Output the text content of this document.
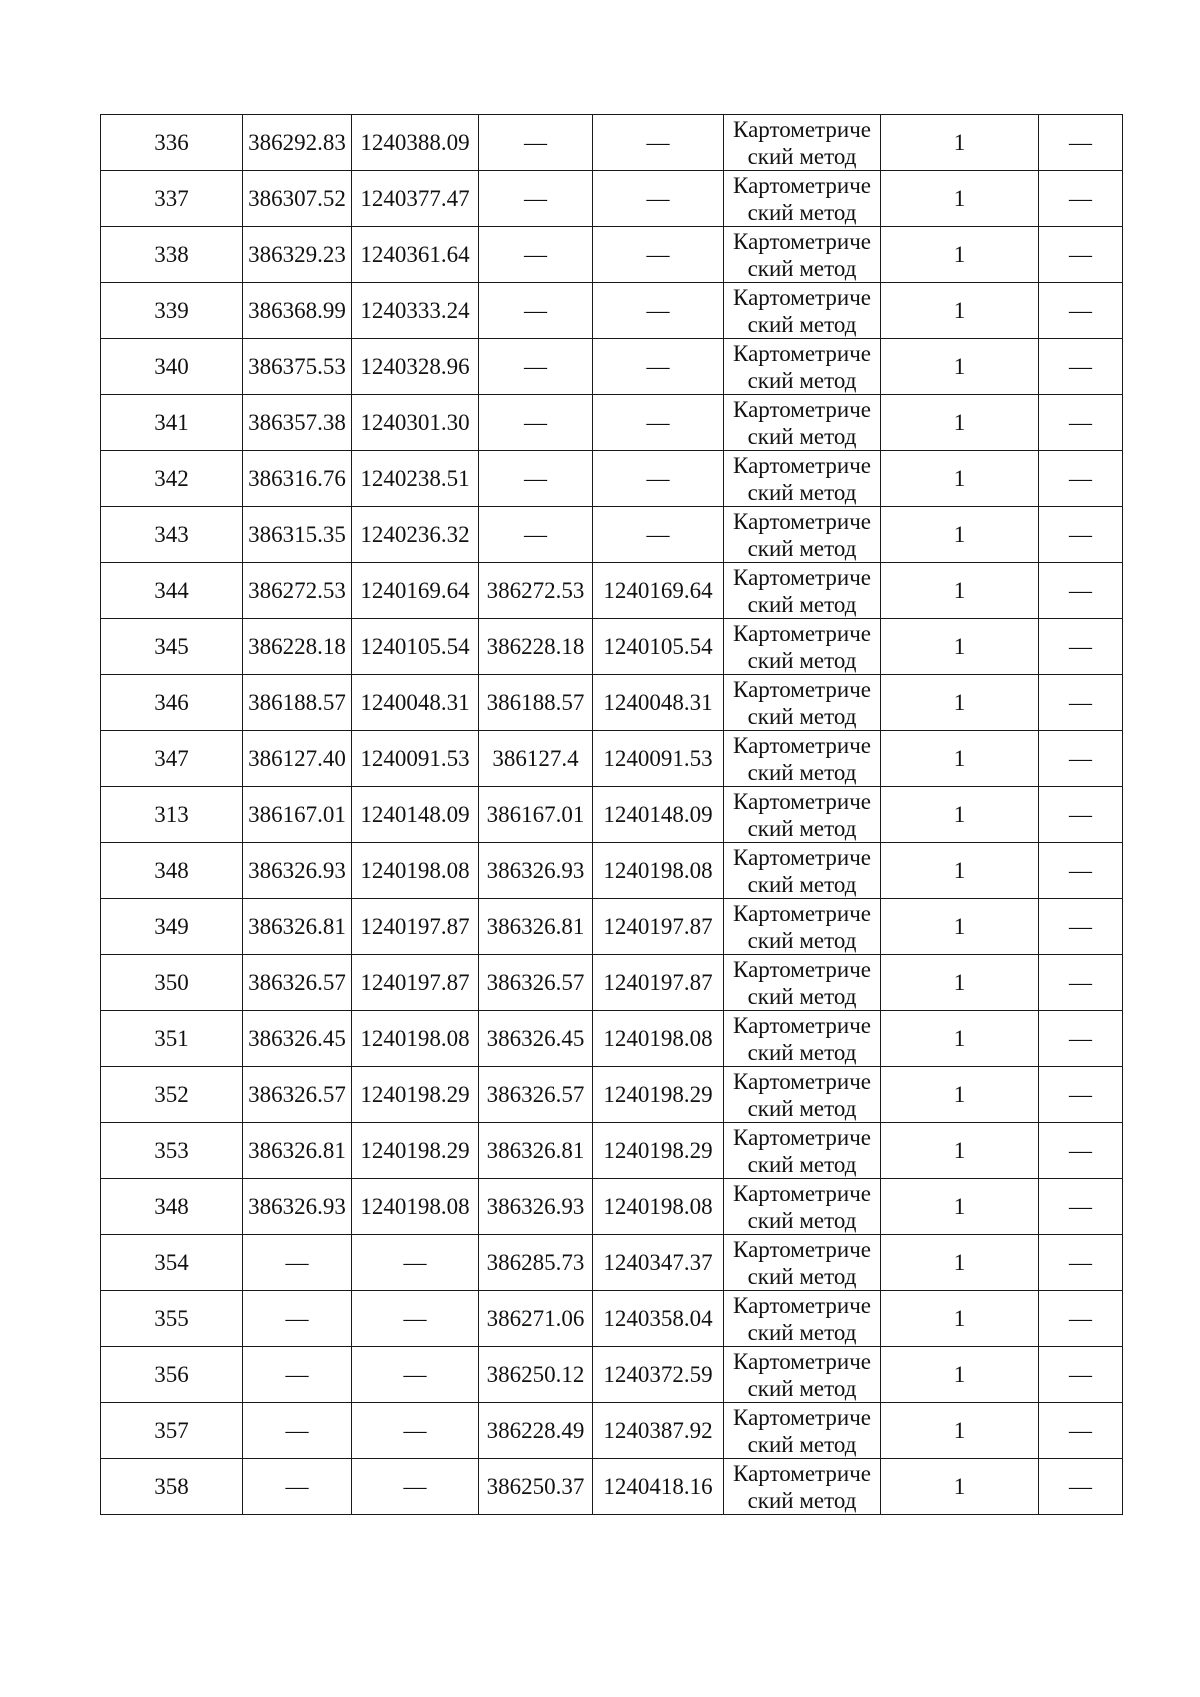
336	386292.83	1240388.09	—	—	Картометриче
ский метод	1	—
337	386307.52	1240377.47	—	—	Картометриче
ский метод	1	—
338	386329.23	1240361.64	—	—	Картометриче
ский метод	1	—
339	386368.99	1240333.24	—	—	Картометриче
ский метод	1	—
340	386375.53	1240328.96	—	—	Картометриче
ский метод	1	—
341	386357.38	1240301.30	—	—	Картометриче
ский метод	1	—
342	386316.76	1240238.51	—	—	Картометриче
ский метод	1	—
343	386315.35	1240236.32	—	—	Картометриче
ский метод	1	—
344	386272.53	1240169.64	386272.53	1240169.64	Картометриче
ский метод	1	—
345	386228.18	1240105.54	386228.18	1240105.54	Картометриче
ский метод	1	—
346	386188.57	1240048.31	386188.57	1240048.31	Картометриче
ский метод	1	—
347	386127.40	1240091.53	386127.4	1240091.53	Картометриче
ский метод	1	—
313	386167.01	1240148.09	386167.01	1240148.09	Картометриче
ский метод	1	—
348	386326.93	1240198.08	386326.93	1240198.08	Картометриче
ский метод	1	—
349	386326.81	1240197.87	386326.81	1240197.87	Картометриче
ский метод	1	—
350	386326.57	1240197.87	386326.57	1240197.87	Картометриче
ский метод	1	—
351	386326.45	1240198.08	386326.45	1240198.08	Картометриче
ский метод	1	—
352	386326.57	1240198.29	386326.57	1240198.29	Картометриче
ский метод	1	—
353	386326.81	1240198.29	386326.81	1240198.29	Картометриче
ский метод	1	—
348	386326.93	1240198.08	386326.93	1240198.08	Картометриче
ский метод	1	—
354	—	—	386285.73	1240347.37	Картометриче
ский метод	1	—
355	—	—	386271.06	1240358.04	Картометриче
ский метод	1	—
356	—	—	386250.12	1240372.59	Картометриче
ский метод	1	—
357	—	—	386228.49	1240387.92	Картометриче
ский метод	1	—
358	—	—	386250.37	1240418.16	Картометриче
ский метод	1	—
